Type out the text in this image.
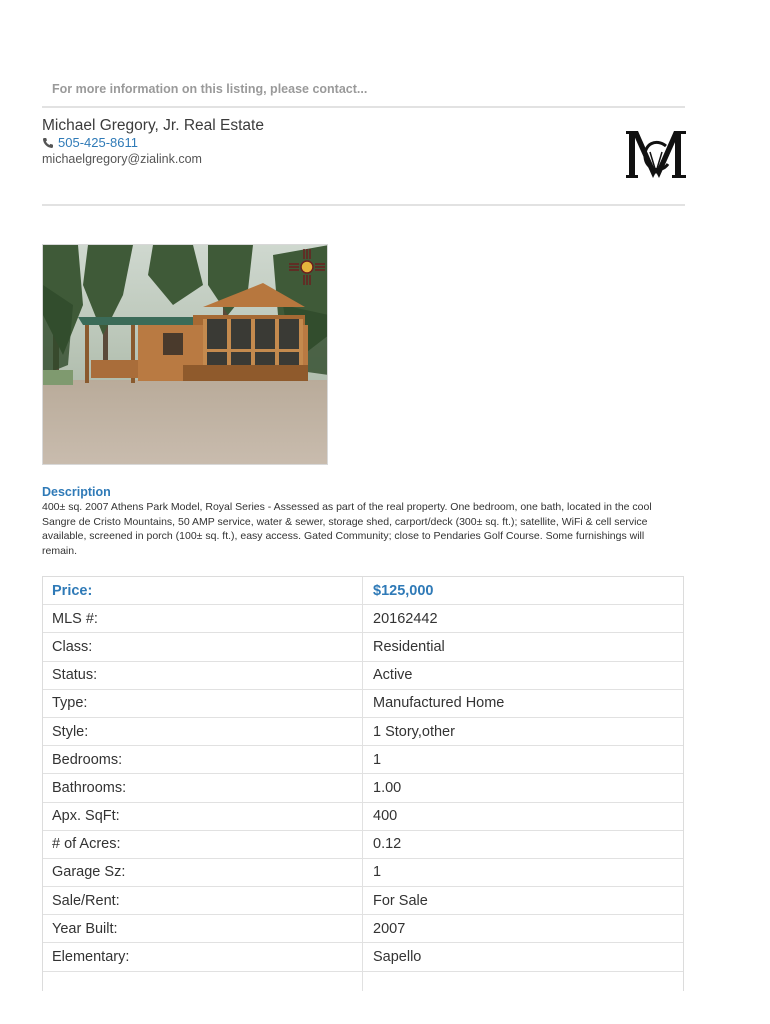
For more information on this listing, please contact...
Michael Gregory, Jr. Real Estate
505-425-8611
michaelgregory@zialink.com
Description
400± sq. 2007 Athens Park Model, Royal Series - Assessed as part of the real property. One bedroom, one bath, located in the cool Sangre de Cristo Mountains, 50 AMP service, water & sewer, storage shed, carport/deck (300± sq. ft.); satellite, WiFi & cell service available, screened in porch (100± sq. ft.), easy access. Gated Community; close to Pendaries Golf Course. Some furnishings will remain.
Price:	$125,000
MLS #:	20162442
Class:	Residential
Status:	Active
Type:	Manufactured Home
Style:	1 Story,other
Bedrooms:	1
Bathrooms:	1.00
Apx. SqFt:	400
# of Acres:	0.12
Garage Sz:	1
Sale/Rent:	For Sale
Year Built:	2007
Elementary:	Sapello
